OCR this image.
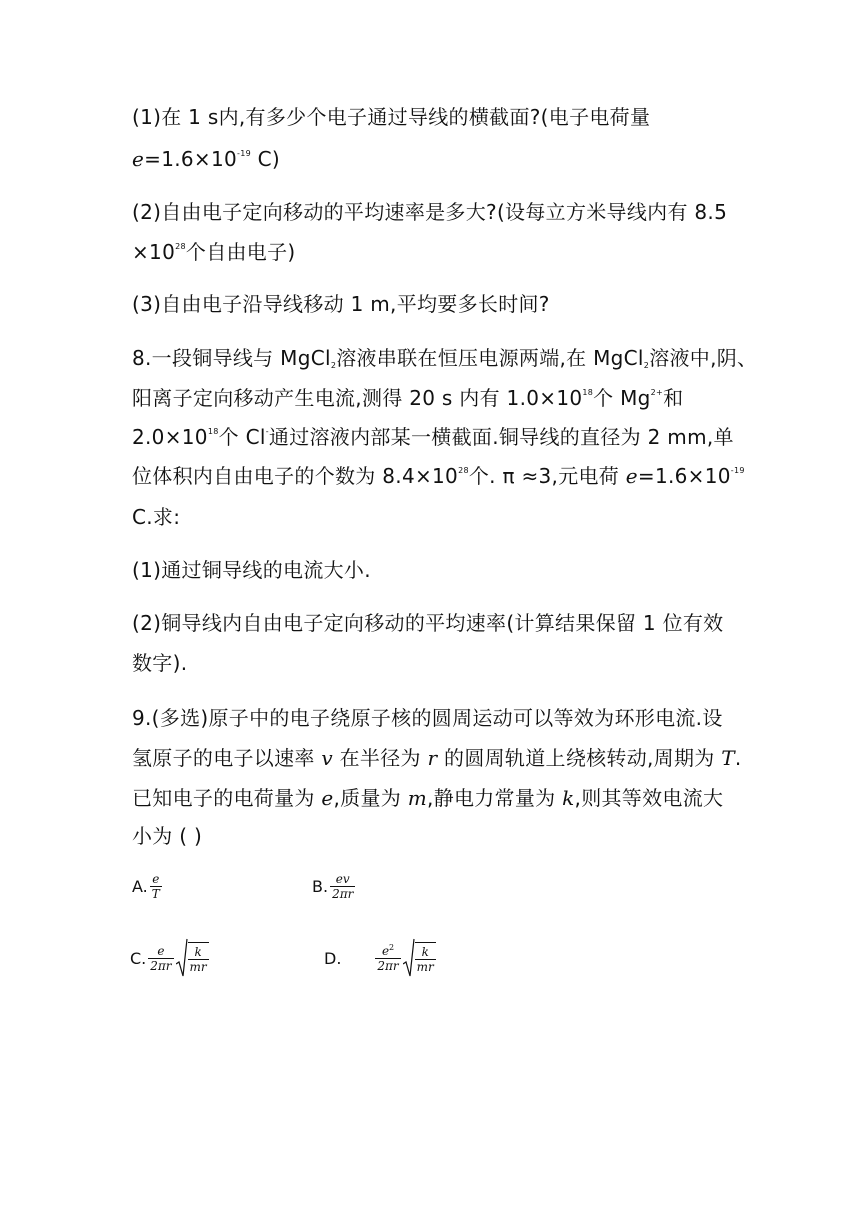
(1)在 1 s内,有多少个电子通过导线的横截面?(电子电荷量
$e=1.6\times 10^{-19}$ C)
(2)自由电子定向移动的平均速率是多大?(设每立方米导线内有 8.5
$\times 10^{28}$个自由电子)
(3)自由电子沿导线移动 1 m,平均要多长时间?
8.一段铜导线与 MgCl$_2$溶液串联在恒压电源两端,在 MgCl$_2$溶液中,阴、
阳离子定向移动产生电流,测得 20 s 内有 $1.0\times 10^{18}$个 $Mg^{2+}$和
$2.0\times 10^{18}$个 Cl-通过溶液内部某一横截面.铜导线的直径为 2 mm,单
位体积内自由电子的个数为 $8.4\times 10^{28}$个. π ≈3,元电荷 $e=1.6\times 10^{-19}$
C.求:
(1)通过铜导线的电流大小.
(2)铜导线内自由电子定向移动的平均速率(计算结果保留 1 位有效
数字).
9.(多选)原子中的电子绕原子核的圆周运动可以等效为环形电流.设
氢原子的电子以速率 v 在半径为 r 的圆周轨道上绕核转动,周期为 T.
已知电子的电荷量为 e,质量为 m,静电力常量为 k,则其等效电流大
小为 ( )
A. $\frac{e}{T}$	B. $\frac{ev}{2\pi r}$
C. $\frac{e}{2\pi r} \frac{k}{mr}$	D.	$\frac{e^2}{2\pi r} \frac{k}{mr}$
